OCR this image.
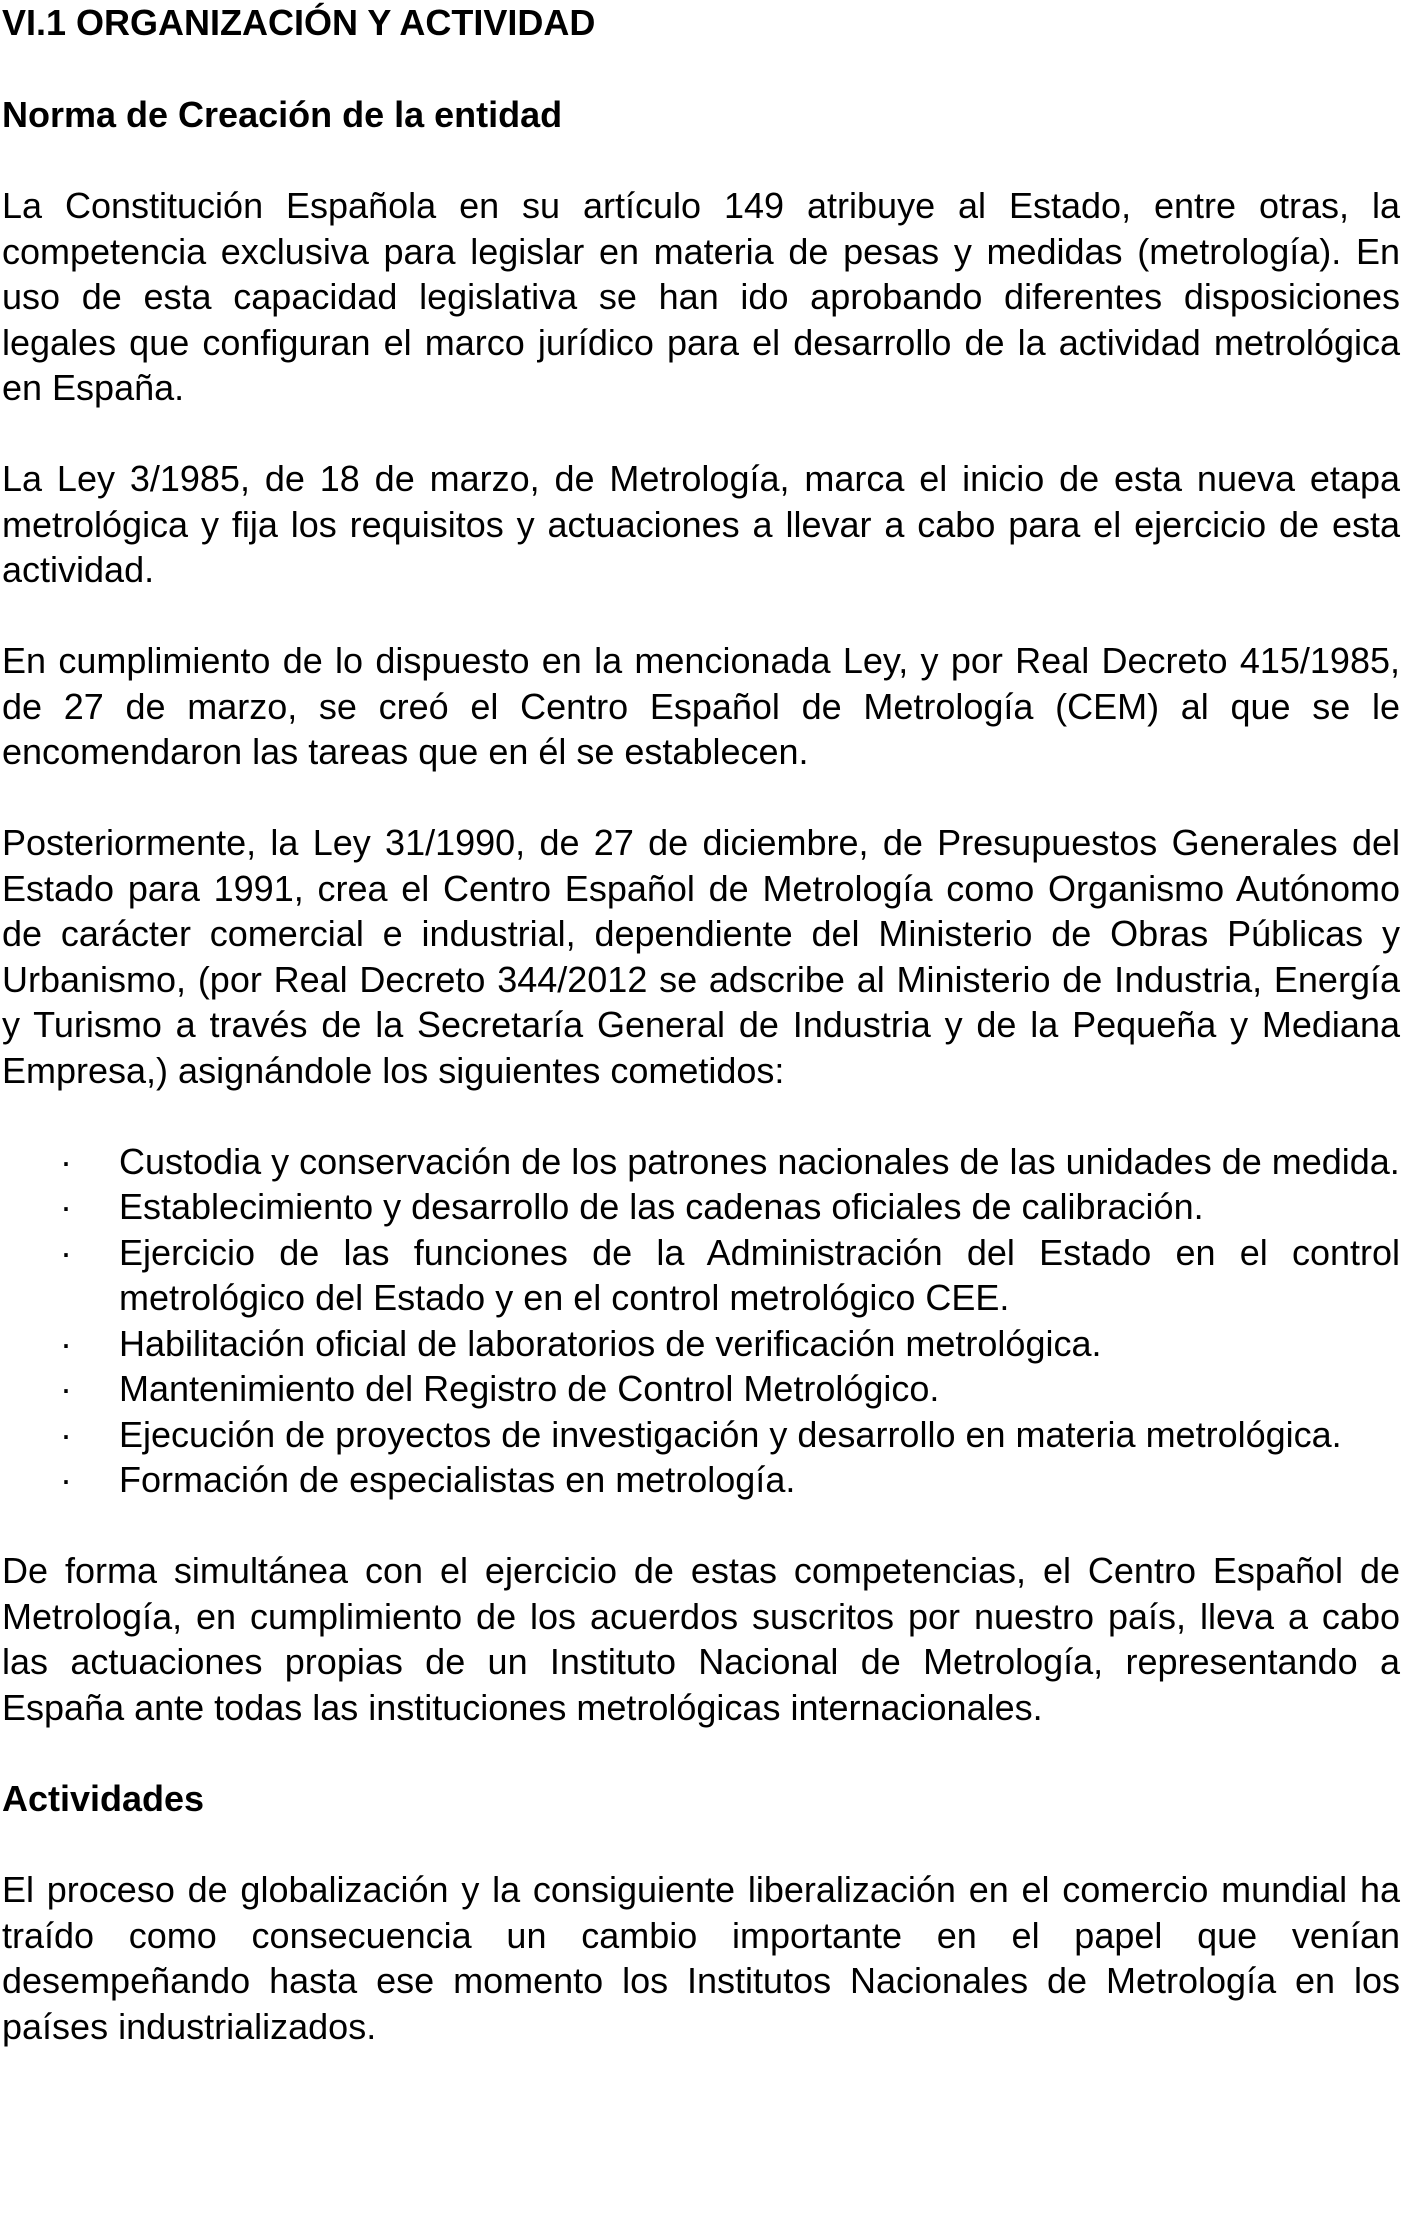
VI.1 ORGANIZACIÓN Y ACTIVIDAD
Norma de Creación de la entidad

La Constitución Española en su artículo 149 atribuye al Estado, entre otras, la competencia exclusiva para legislar en materia de pesas y medidas (metrología). En uso de esta capacidad legislativa se han ido aprobando diferentes disposiciones legales que configuran el marco jurídico para el desarrollo de la actividad metrológica en España.

La Ley 3/1985, de 18 de marzo, de Metrología, marca el inicio de esta nueva etapa metrológica y fija los requisitos y actuaciones a llevar a cabo para el ejercicio de esta actividad.

En cumplimiento de lo dispuesto en la mencionada Ley, y por Real Decreto 415/1985, de 27 de marzo, se creó el Centro Español de Metrología (CEM) al que se le encomendaron las tareas que en él se establecen.

Posteriormente, la Ley 31/1990, de 27 de diciembre, de Presupuestos Generales del Estado para 1991, crea el Centro Español de Metrología como Organismo Autónomo de carácter comercial e industrial, dependiente del Ministerio de Obras Públicas y Urbanismo, (por Real Decreto 344/2012 se adscribe al Ministerio de Industria, Energía y Turismo a través de la Secretaría General de Industria y de la Pequeña y Mediana Empresa,) asignándole los siguientes cometidos:

· Custodia y conservación de los patrones nacionales de las unidades de medida.
· Establecimiento y desarrollo de las cadenas oficiales de calibración.
· Ejercicio de las funciones de la Administración del Estado en el control metrológico del Estado y en el control metrológico CEE.
· Habilitación oficial de laboratorios de verificación metrológica.
· Mantenimiento del Registro de Control Metrológico.
· Ejecución de proyectos de investigación y desarrollo en materia metrológica.
· Formación de especialistas en metrología.

De forma simultánea con el ejercicio de estas competencias, el Centro Español de Metrología, en cumplimiento de los acuerdos suscritos por nuestro país, lleva a cabo las actuaciones propias de un Instituto Nacional de Metrología, representando a España ante todas las instituciones metrológicas internacionales.

Actividades

El proceso de globalización y la consiguiente liberalización en el comercio mundial ha traído como consecuencia un cambio importante en el papel que venían desempeñando hasta ese momento los Institutos Nacionales de Metrología en los países industrializados.
